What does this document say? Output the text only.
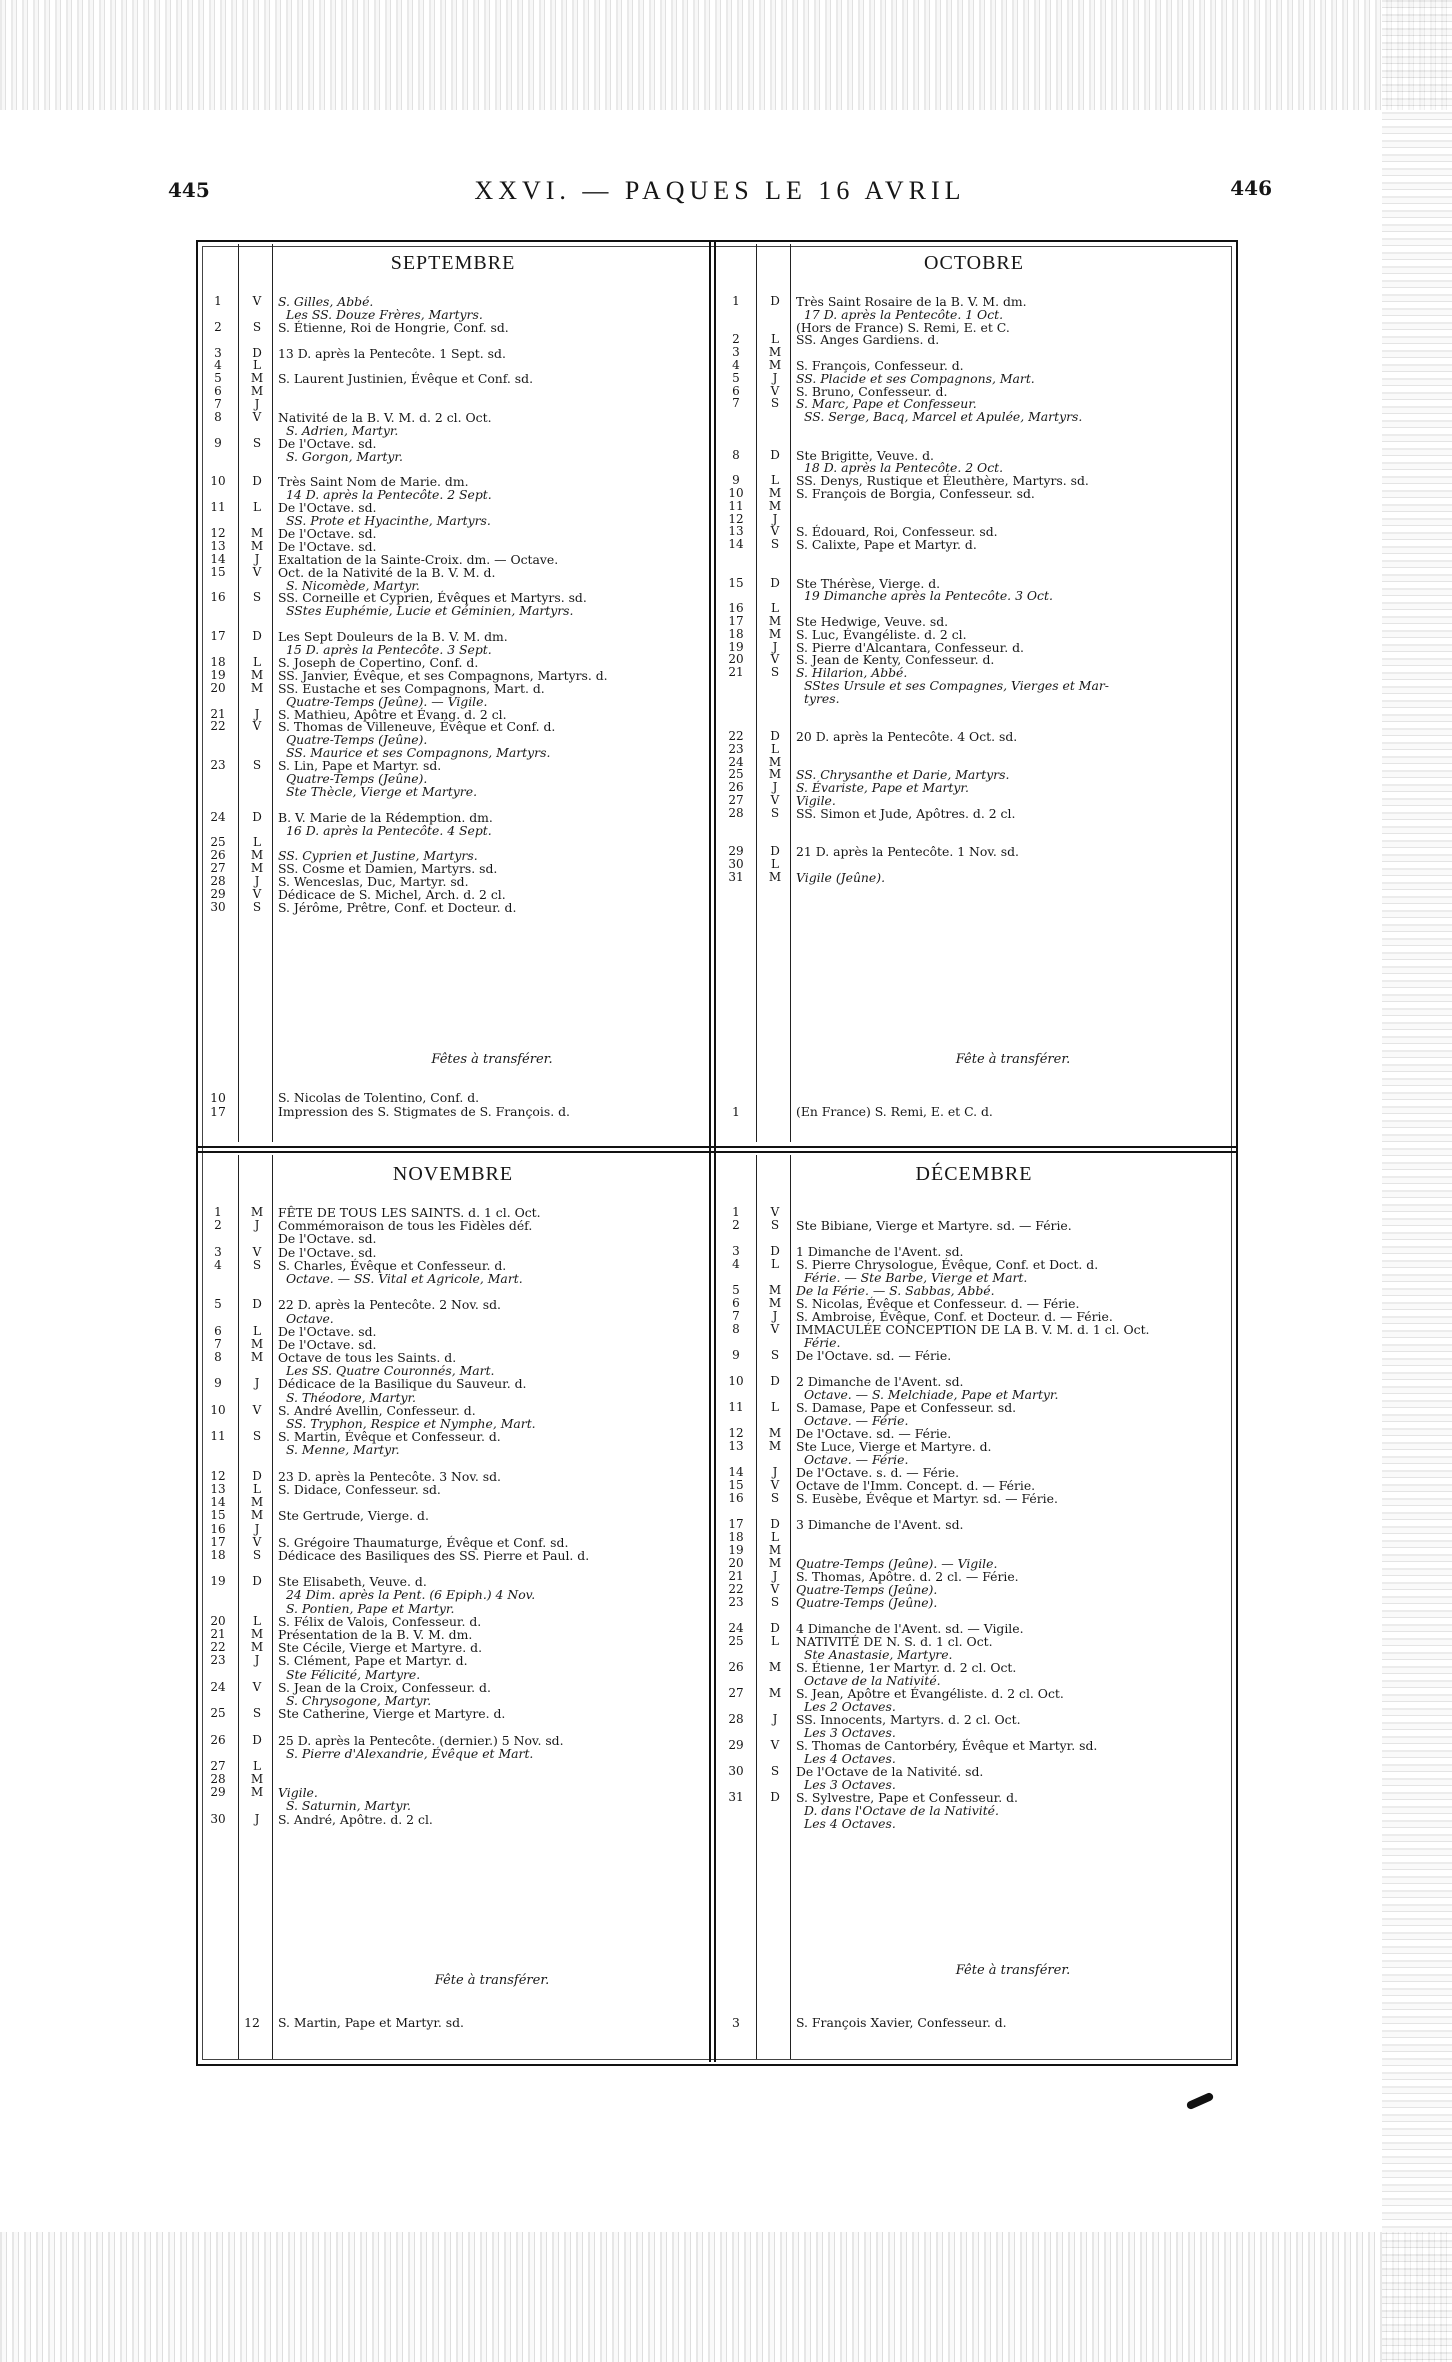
445	XXVI. — PAQUES LE 16 AVRIL	446
SEPTEMBRE
1	V	S. Gilles, Abbé.
Les SS. Douze Frères, Martyrs.
2	S	S. Étienne, Roi de Hongrie, Conf. sd.
3	D	13 D. après la Pentecôte. 1 Sept. sd.
4	L
5	M	S. Laurent Justinien, Évêque et Conf. sd.
6	M
7	J
8	V	Nativité de la B. V. M. d. 2 cl. Oct.
S. Adrien, Martyr.
9	S	De l'Octave. sd.
S. Gorgon, Martyr.
10	D	Très Saint Nom de Marie. dm.
14 D. après la Pentecôte. 2 Sept.
11	L	De l'Octave. sd.
SS. Prote et Hyacinthe, Martyrs.
12	M	De l'Octave. sd.
13	M	De l'Octave. sd.
14	J	Exaltation de la Sainte-Croix. dm. — Octave.
15	V	Oct. de la Nativité de la B. V. M. d.
S. Nicomède, Martyr.
16	S	SS. Corneille et Cyprien, Évêques et Martyrs. sd.
SStes Euphémie, Lucie et Géminien, Martyrs.
17	D	Les Sept Douleurs de la B. V. M. dm.
15 D. après la Pentecôte. 3 Sept.
18	L	S. Joseph de Copertino, Conf. d.
19	M	SS. Janvier, Évêque, et ses Compagnons, Martyrs. d.
20	M	SS. Eustache et ses Compagnons, Mart. d.
Quatre-Temps (Jeûne). — Vigile.
21	J	S. Mathieu, Apôtre et Évang. d. 2 cl.
22	V	S. Thomas de Villeneuve, Évêque et Conf. d.
Quatre-Temps (Jeûne).
SS. Maurice et ses Compagnons, Martyrs.
23	S	S. Lin, Pape et Martyr. sd.
Quatre-Temps (Jeûne).
Ste Thècle, Vierge et Martyre.
24	D	B. V. Marie de la Rédemption. dm.
16 D. après la Pentecôte. 4 Sept.
25	L
26	M	SS. Cyprien et Justine, Martyrs.
27	M	SS. Cosme et Damien, Martyrs. sd.
28	J	S. Wenceslas, Duc, Martyr. sd.
29	V	Dédicace de S. Michel, Arch. d. 2 cl.
30	S	S. Jérôme, Prêtre, Conf. et Docteur. d.
Fêtes à transférer.
10	S. Nicolas de Tolentino, Conf. d.
17	Impression des S. Stigmates de S. François. d.
OCTOBRE
1	D	Très Saint Rosaire de la B. V. M. dm.
17 D. après la Pentecôte. 1 Oct.
(Hors de France) S. Remi, E. et C.
2	L	SS. Anges Gardiens. d.
3	M
4	M	S. François, Confesseur. d.
5	J	SS. Placide et ses Compagnons, Mart.
6	V	S. Bruno, Confesseur. d.
7	S	S. Marc, Pape et Confesseur.
SS. Serge, Bacq, Marcel et Apulée, Martyrs.
8	D	Ste Brigitte, Veuve. d.
18 D. après la Pentecôte. 2 Oct.
9	L	SS. Denys, Rustique et Éleuthère, Martyrs. sd.
10	M	S. François de Borgia, Confesseur. sd.
11	M
12	J
13	V	S. Édouard, Roi, Confesseur. sd.
14	S	S. Calixte, Pape et Martyr. d.
15	D	Ste Thérèse, Vierge. d.
19 Dimanche après la Pentecôte. 3 Oct.
16	L
17	M	Ste Hedwige, Veuve. sd.
18	M	S. Luc, Évangéliste. d. 2 cl.
19	J	S. Pierre d'Alcantara, Confesseur. d.
20	V	S. Jean de Kenty, Confesseur. d.
21	S	S. Hilarion, Abbé.
SStes Ursule et ses Compagnes, Vierges et Mar-
tyres.
22	D	20 D. après la Pentecôte. 4 Oct. sd.
23	L
24	M
25	M	SS. Chrysanthe et Darie, Martyrs.
26	J	S. Évariste, Pape et Martyr.
27	V	Vigile.
28	S	SS. Simon et Jude, Apôtres. d. 2 cl.
29	D	21 D. après la Pentecôte. 1 Nov. sd.
30	L
31	M	Vigile (Jeûne).
Fête à transférer.
1	(En France) S. Remi, E. et C. d.
NOVEMBRE
1	M	FÊTE DE TOUS LES SAINTS. d. 1 cl. Oct.
2	J	Commémoraison de tous les Fidèles déf.
De l'Octave. sd.
3	V	De l'Octave. sd.
4	S	S. Charles, Évêque et Confesseur. d.
Octave. — SS. Vital et Agricole, Mart.
5	D	22 D. après la Pentecôte. 2 Nov. sd.
Octave.
6	L	De l'Octave. sd.
7	M	De l'Octave. sd.
8	M	Octave de tous les Saints. d.
Les SS. Quatre Couronnés, Mart.
9	J	Dédicace de la Basilique du Sauveur. d.
S. Théodore, Martyr.
10	V	S. André Avellin, Confesseur. d.
SS. Tryphon, Respice et Nymphe, Mart.
11	S	S. Martin, Évêque et Confesseur. d.
S. Menne, Martyr.
12	D	23 D. après la Pentecôte. 3 Nov. sd.
13	L	S. Didace, Confesseur. sd.
14	M
15	M	Ste Gertrude, Vierge. d.
16	J
17	V	S. Grégoire Thaumaturge, Évêque et Conf. sd.
18	S	Dédicace des Basiliques des SS. Pierre et Paul. d.
19	D	Ste Elisabeth, Veuve. d.
24 Dim. après la Pent. (6 Epiph.) 4 Nov.
S. Pontien, Pape et Martyr.
20	L	S. Félix de Valois, Confesseur. d.
21	M	Présentation de la B. V. M. dm.
22	M	Ste Cécile, Vierge et Martyre. d.
23	J	S. Clément, Pape et Martyr. d.
Ste Félicité, Martyre.
24	V	S. Jean de la Croix, Confesseur. d.
S. Chrysogone, Martyr.
25	S	Ste Catherine, Vierge et Martyre. d.
26	D	25 D. après la Pentecôte. (dernier.) 5 Nov. sd.
S. Pierre d'Alexandrie, Évêque et Mart.
27	L
28	M
29	M	Vigile.
S. Saturnin, Martyr.
30	J	S. André, Apôtre. d. 2 cl.
Fête à transférer.
12	S. Martin, Pape et Martyr. sd.
DÉCEMBRE
1	V
2	S	Ste Bibiane, Vierge et Martyre. sd. — Férie.
3	D	1 Dimanche de l'Avent. sd.
4	L	S. Pierre Chrysologue, Évêque, Conf. et Doct. d.
Férie. — Ste Barbe, Vierge et Mart.
5	M	De la Férie. — S. Sabbas, Abbé.
6	M	S. Nicolas, Évêque et Confesseur. d. — Férie.
7	J	S. Ambroise, Évêque, Conf. et Docteur. d. — Férie.
8	V	IMMACULÉE CONCEPTION DE LA B. V. M. d. 1 cl. Oct.
Férie.
9	S	De l'Octave. sd. — Férie.
10	D	2 Dimanche de l'Avent. sd.
Octave. — S. Melchiade, Pape et Martyr.
11	L	S. Damase, Pape et Confesseur. sd.
Octave. — Férie.
12	M	De l'Octave. sd. — Férie.
13	M	Ste Luce, Vierge et Martyre. d.
Octave. — Férie.
14	J	De l'Octave. s. d. — Férie.
15	V	Octave de l'Imm. Concept. d. — Férie.
16	S	S. Eusèbe, Évêque et Martyr. sd. — Férie.
17	D	3 Dimanche de l'Avent. sd.
18	L
19	M
20	M	Quatre-Temps (Jeûne). — Vigile.
21	J	S. Thomas, Apôtre. d. 2 cl. — Férie.
22	V	Quatre-Temps (Jeûne).
23	S	Quatre-Temps (Jeûne).
24	D	4 Dimanche de l'Avent. sd. — Vigile.
25	L	NATIVITÉ DE N. S. d. 1 cl. Oct.
Ste Anastasie, Martyre.
26	M	S. Étienne, 1er Martyr. d. 2 cl. Oct.
Octave de la Nativité.
27	M	S. Jean, Apôtre et Évangéliste. d. 2 cl. Oct.
Les 2 Octaves.
28	J	SS. Innocents, Martyrs. d. 2 cl. Oct.
Les 3 Octaves.
29	V	S. Thomas de Cantorbéry, Évêque et Martyr. sd.
Les 4 Octaves.
30	S	De l'Octave de la Nativité. sd.
Les 3 Octaves.
31	D	S. Sylvestre, Pape et Confesseur. d.
D. dans l'Octave de la Nativité.
Les 4 Octaves.
Fête à transférer.
3	S. François Xavier, Confesseur. d.
